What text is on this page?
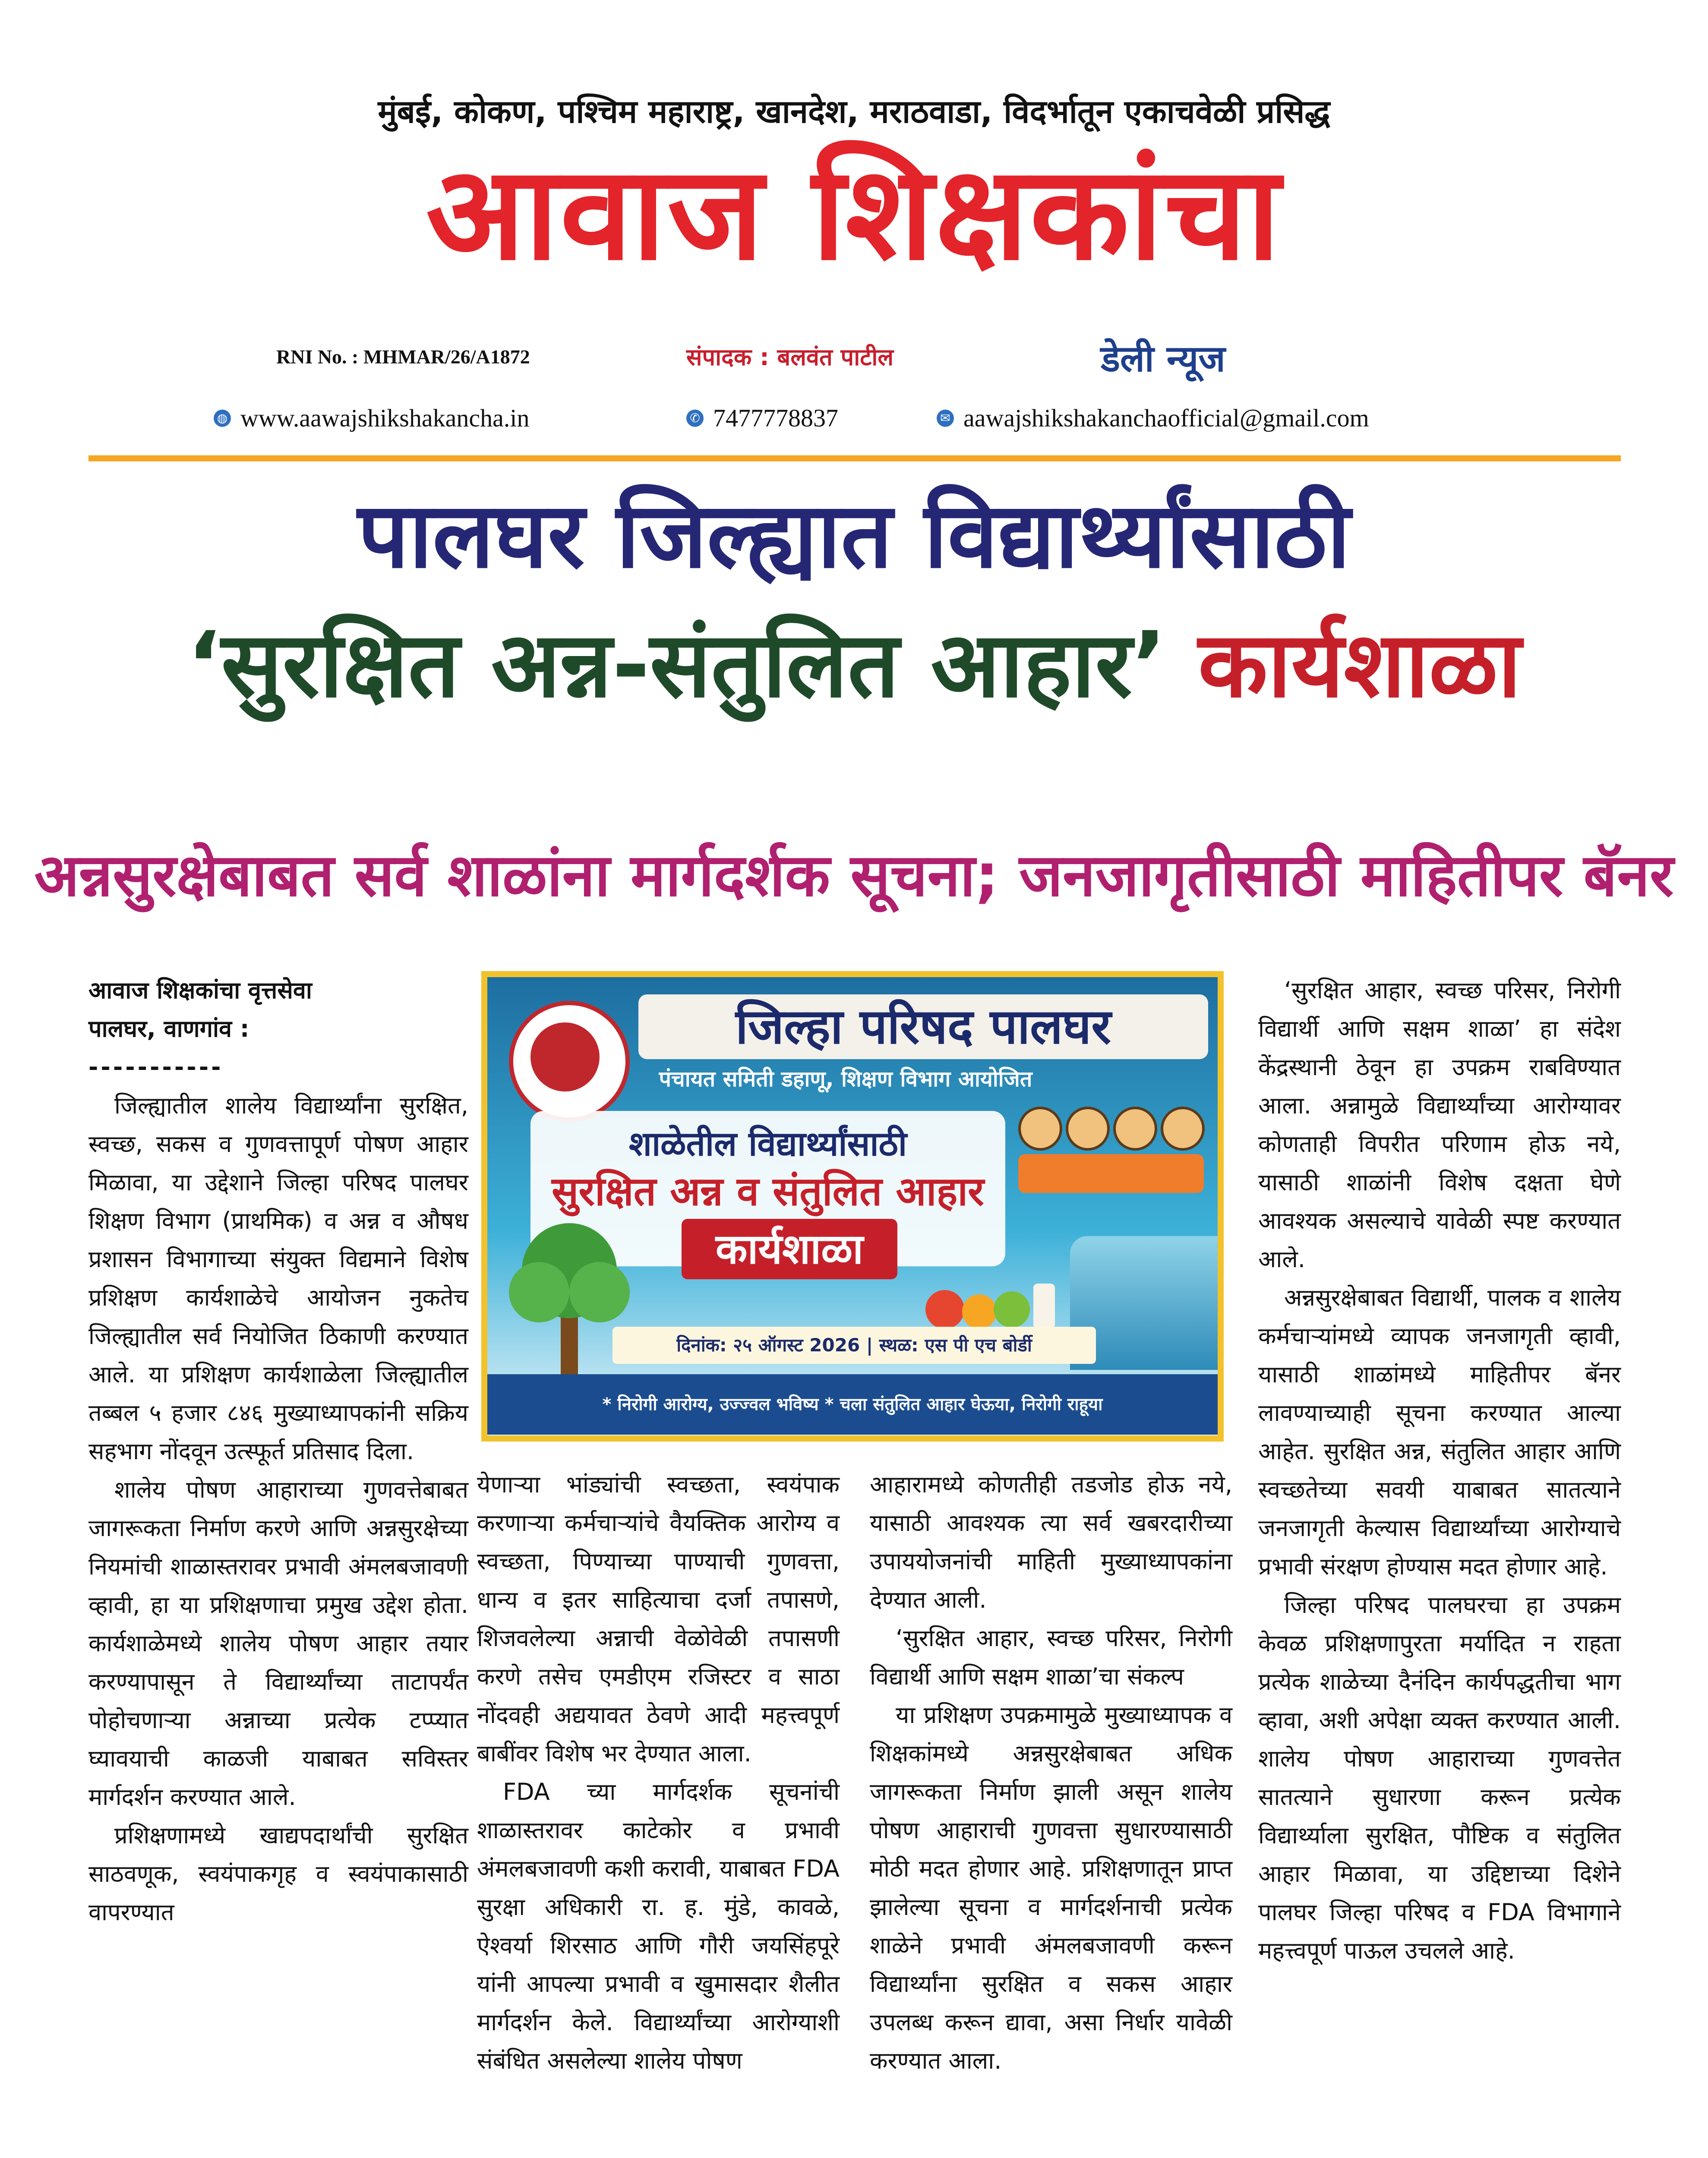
मुंबई, कोकण, पश्चिम महाराष्ट्र, खानदेश, मराठवाडा, विदर्भातून एकाचवेळी प्रसिद्ध
आवाज शिक्षकांचा
RNI No. : MHMAR/26/A1872	संपादक : बलवंत पाटील	डेली न्यूज
◍ www.aawajshikshakancha.in	✆ 7477778837	✉ aawajshikshakanchaofficial@gmail.com
पालघर जिल्ह्यात विद्यार्थ्यांसाठी
‘सुरक्षित अन्न-संतुलित आहार’ कार्यशाळा
अन्नसुरक्षेबाबत सर्व शाळांना मार्गदर्शक सूचना; जनजागृतीसाठी माहितीपर बॅनर

आवाज शिक्षकांचा वृत्तसेवा

पालघर, वाणगांव :

-----------

जिल्ह्यातील शालेय विद्यार्थ्यांना सुरक्षित, स्वच्छ, सकस व गुणवत्तापूर्ण पोषण आहार मिळावा, या उद्देशाने जिल्हा परिषद पालघर शिक्षण विभाग (प्राथमिक) व अन्न व औषध प्रशासन विभागाच्या संयुक्त विद्यमाने विशेष प्रशिक्षण कार्यशाळेचे आयोजन नुकतेच जिल्ह्यातील सर्व नियोजित ठिकाणी करण्यात आले. या प्रशिक्षण कार्यशाळेला जिल्ह्यातील तब्बल ५ हजार ८४६ मुख्याध्यापकांनी सक्रिय सहभाग नोंदवून उत्स्फूर्त प्रतिसाद दिला.

शालेय पोषण आहाराच्या गुणवत्तेबाबत जागरूकता निर्माण करणे आणि अन्नसुरक्षेच्या नियमांची शाळास्तरावर प्रभावी अंमलबजावणी व्हावी, हा या प्रशिक्षणाचा प्रमुख उद्देश होता. कार्यशाळेमध्ये शालेय पोषण आहार तयार करण्यापासून ते विद्यार्थ्यांच्या ताटापर्यंत पोहोचणाऱ्या अन्नाच्या प्रत्येक टप्प्यात घ्यावयाची काळजी याबाबत सविस्तर मार्गदर्शन करण्यात आले.

प्रशिक्षणामध्ये खाद्यपदार्थांची सुरक्षित साठवणूक, स्वयंपाकगृह व स्वयंपाकासाठी वापरण्यात

जिल्हा परिषद पालघर
पंचायत समिती डहाणू, शिक्षण विभाग आयोजित
शाळेतील विद्यार्थ्यांसाठी
सुरक्षित अन्न व संतुलित आहार
कार्यशाळा
दिनांक: २५ ऑगस्ट 2026 | स्थळ: एस पी एच बोर्डी
* निरोगी आरोग्य, उज्ज्वल भविष्य * चला संतुलित आहार घेऊया, निरोगी राहूया

येणाऱ्या भांड्यांची स्वच्छता, स्वयंपाक करणाऱ्या कर्मचाऱ्यांचे वैयक्तिक आरोग्य व स्वच्छता, पिण्याच्या पाण्याची गुणवत्ता, धान्य व इतर साहित्याचा दर्जा तपासणे, शिजवलेल्या अन्नाची वेळोवेळी तपासणी करणे तसेच एमडीएम रजिस्टर व साठा नोंदवही अद्ययावत ठेवणे आदी महत्त्वपूर्ण बाबींवर विशेष भर देण्यात आला.

FDA च्या मार्गदर्शक सूचनांची शाळास्तरावर काटेकोर व प्रभावी अंमलबजावणी कशी करावी, याबाबत FDA सुरक्षा अधिकारी रा. ह. मुंडे, कावळे, ऐश्वर्या शिरसाठ आणि गौरी जयसिंहपूरे यांनी आपल्या प्रभावी व खुमासदार शैलीत मार्गदर्शन केले. विद्यार्थ्यांच्या आरोग्याशी संबंधित असलेल्या शालेय पोषण

आहारामध्ये कोणतीही तडजोड होऊ नये, यासाठी आवश्यक त्या सर्व खबरदारीच्या उपाययोजनांची माहिती मुख्याध्यापकांना देण्यात आली.

‘सुरक्षित आहार, स्वच्छ परिसर, निरोगी विद्यार्थी आणि सक्षम शाळा’चा संकल्प

या प्रशिक्षण उपक्रमामुळे मुख्याध्यापक व शिक्षकांमध्ये अन्नसुरक्षेबाबत अधिक जागरूकता निर्माण झाली असून शालेय पोषण आहाराची गुणवत्ता सुधारण्यासाठी मोठी मदत होणार आहे. प्रशिक्षणातून प्राप्त झालेल्या सूचना व मार्गदर्शनाची प्रत्येक शाळेने प्रभावी अंमलबजावणी करून विद्यार्थ्यांना सुरक्षित व सकस आहार उपलब्ध करून द्यावा, असा निर्धार यावेळी करण्यात आला.

‘सुरक्षित आहार, स्वच्छ परिसर, निरोगी विद्यार्थी आणि सक्षम शाळा’ हा संदेश केंद्रस्थानी ठेवून हा उपक्रम राबविण्यात आला. अन्नामुळे विद्यार्थ्यांच्या आरोग्यावर कोणताही विपरीत परिणाम होऊ नये, यासाठी शाळांनी विशेष दक्षता घेणे आवश्यक असल्याचे यावेळी स्पष्ट करण्यात आले.

अन्नसुरक्षेबाबत विद्यार्थी, पालक व शालेय कर्मचाऱ्यांमध्ये व्यापक जनजागृती व्हावी, यासाठी शाळांमध्ये माहितीपर बॅनर लावण्याच्याही सूचना करण्यात आल्या आहेत. सुरक्षित अन्न, संतुलित आहार आणि स्वच्छतेच्या सवयी याबाबत सातत्याने जनजागृती केल्यास विद्यार्थ्यांच्या आरोग्याचे प्रभावी संरक्षण होण्यास मदत होणार आहे.

जिल्हा परिषद पालघरचा हा उपक्रम केवळ प्रशिक्षणापुरता मर्यादित न राहता प्रत्येक शाळेच्या दैनंदिन कार्यपद्धतीचा भाग व्हावा, अशी अपेक्षा व्यक्त करण्यात आली. शालेय पोषण आहाराच्या गुणवत्तेत सातत्याने सुधारणा करून प्रत्येक विद्यार्थ्याला सुरक्षित, पौष्टिक व संतुलित आहार मिळावा, या उद्दिष्टाच्या दिशेने पालघर जिल्हा परिषद व FDA विभागाने महत्त्वपूर्ण पाऊल उचलले आहे.
